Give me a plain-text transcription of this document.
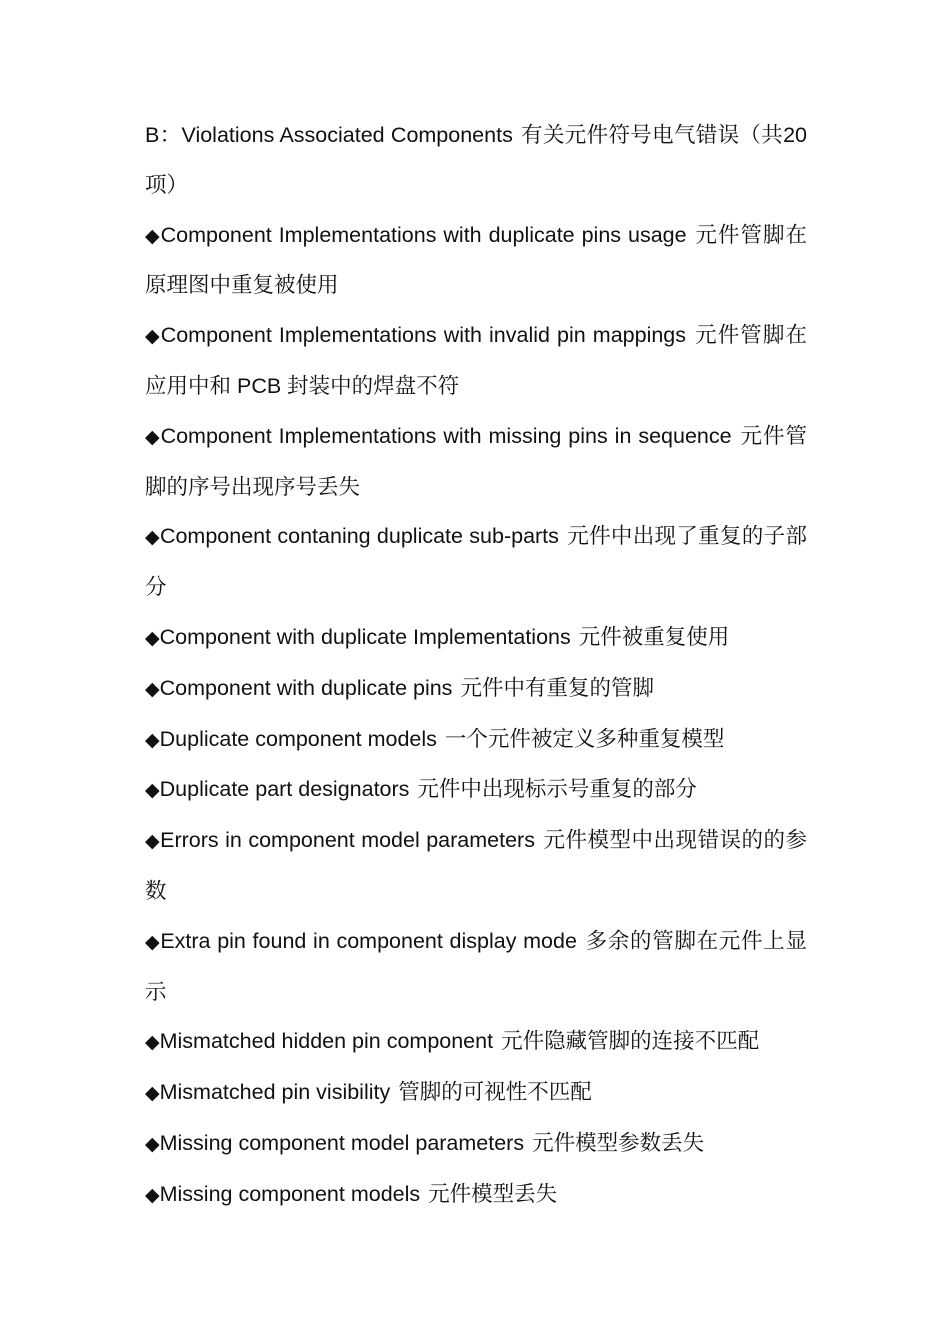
B：Violations Associated Components 有关元件符号电气错误（共20项）

◆Component Implementations with duplicate pins usage 元件管脚在原理图中重复被使用

◆Component Implementations with invalid pin mappings 元件管脚在应用中和 PCB 封装中的焊盘不符

◆Component Implementations with missing pins in sequence 元件管脚的序号出现序号丢失

◆Component contaning duplicate sub-parts 元件中出现了重复的子部分

◆Component with duplicate Implementations 元件被重复使用

◆Component with duplicate pins 元件中有重复的管脚

◆Duplicate component models 一个元件被定义多种重复模型

◆Duplicate part designators 元件中出现标示号重复的部分

◆Errors in component model parameters 元件模型中出现错误的的参数

◆Extra pin found in component display mode 多余的管脚在元件上显示

◆Mismatched hidden pin component 元件隐藏管脚的连接不匹配

◆Mismatched pin visibility 管脚的可视性不匹配

◆Missing component model parameters 元件模型参数丢失

◆Missing component models 元件模型丢失
